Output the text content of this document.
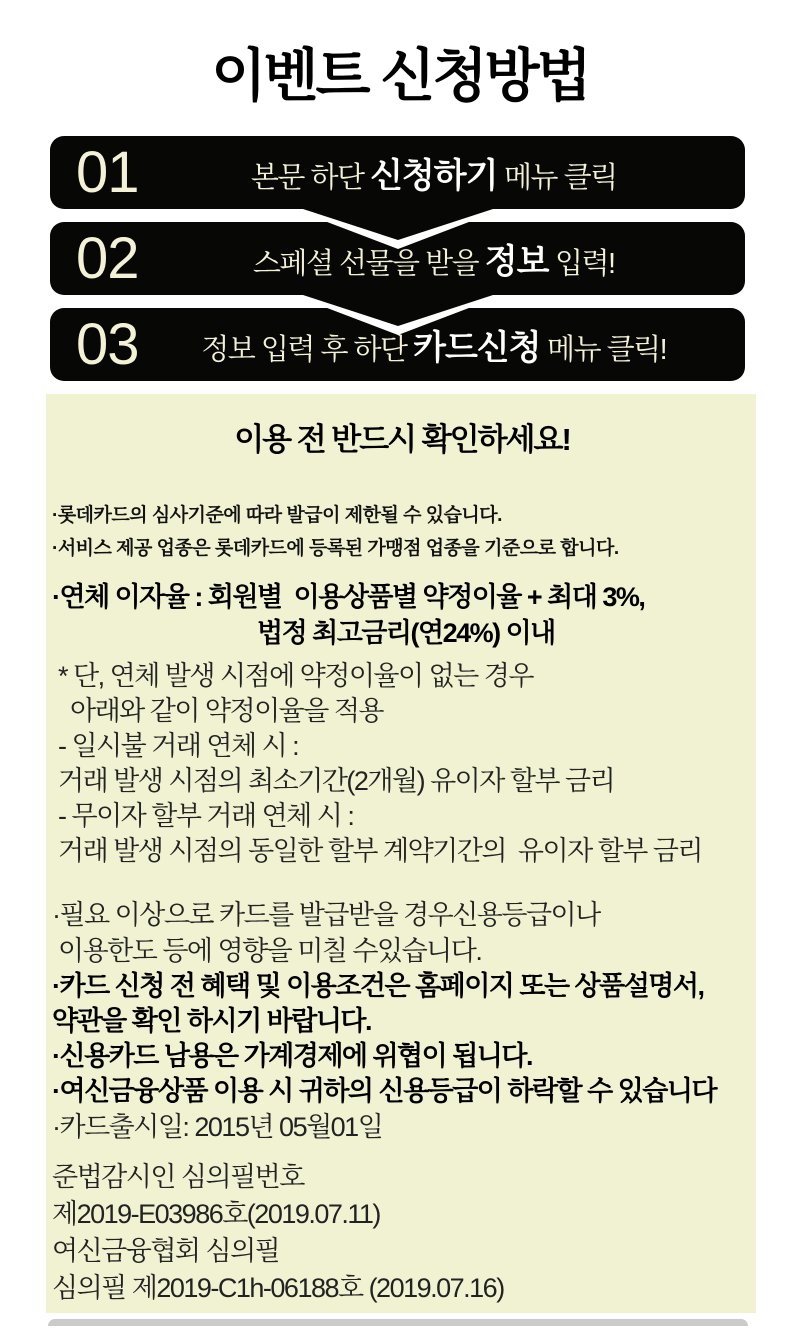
이벤트 신청방법
01	본문 하단 신청하기 메뉴 클릭
02	스페셜 선물을 받을 정보 입력!
03	정보 입력 후 하단 카드신청 메뉴 클릭!
이용 전 반드시 확인하세요!

·롯데카드의 심사기준에 따라 발급이 제한될 수 있습니다.

·서비스 제공 업종은 롯데카드에 등록된 가맹점 업종을 기준으로 합니다.

·연체 이자율 : 회원별  이용상품별 약정이율 + 최대 3%,

법정 최고금리(연24%) 이내

* 단, 연체 발생 시점에 약정이율이 없는 경우

아래와 같이 약정이율을 적용

- 일시불 거래 연체 시 :

거래 발생 시점의 최소기간(2개월) 유이자 할부 금리

- 무이자 할부 거래 연체 시 :

거래 발생 시점의 동일한 할부 계약기간의  유이자 할부 금리

·필요 이상으로 카드를 발급받을 경우신용등급이나

이용한도 등에 영향을 미칠 수있습니다.

·카드 신청 전 혜택 및 이용조건은 홈페이지 또는 상품설명서,

약관을 확인 하시기 바랍니다.

·신용카드 남용은 가계경제에 위협이 됩니다.

·여신금융상품 이용 시 귀하의 신용등급이 하락할 수 있습니다

·카드출시일: 2015년 05월01일

준법감시인 심의필번호

제2019-E03986호(2019.07.11)

여신금융협회 심의필

심의필 제2019-C1h-06188호 (2019.07.16)
